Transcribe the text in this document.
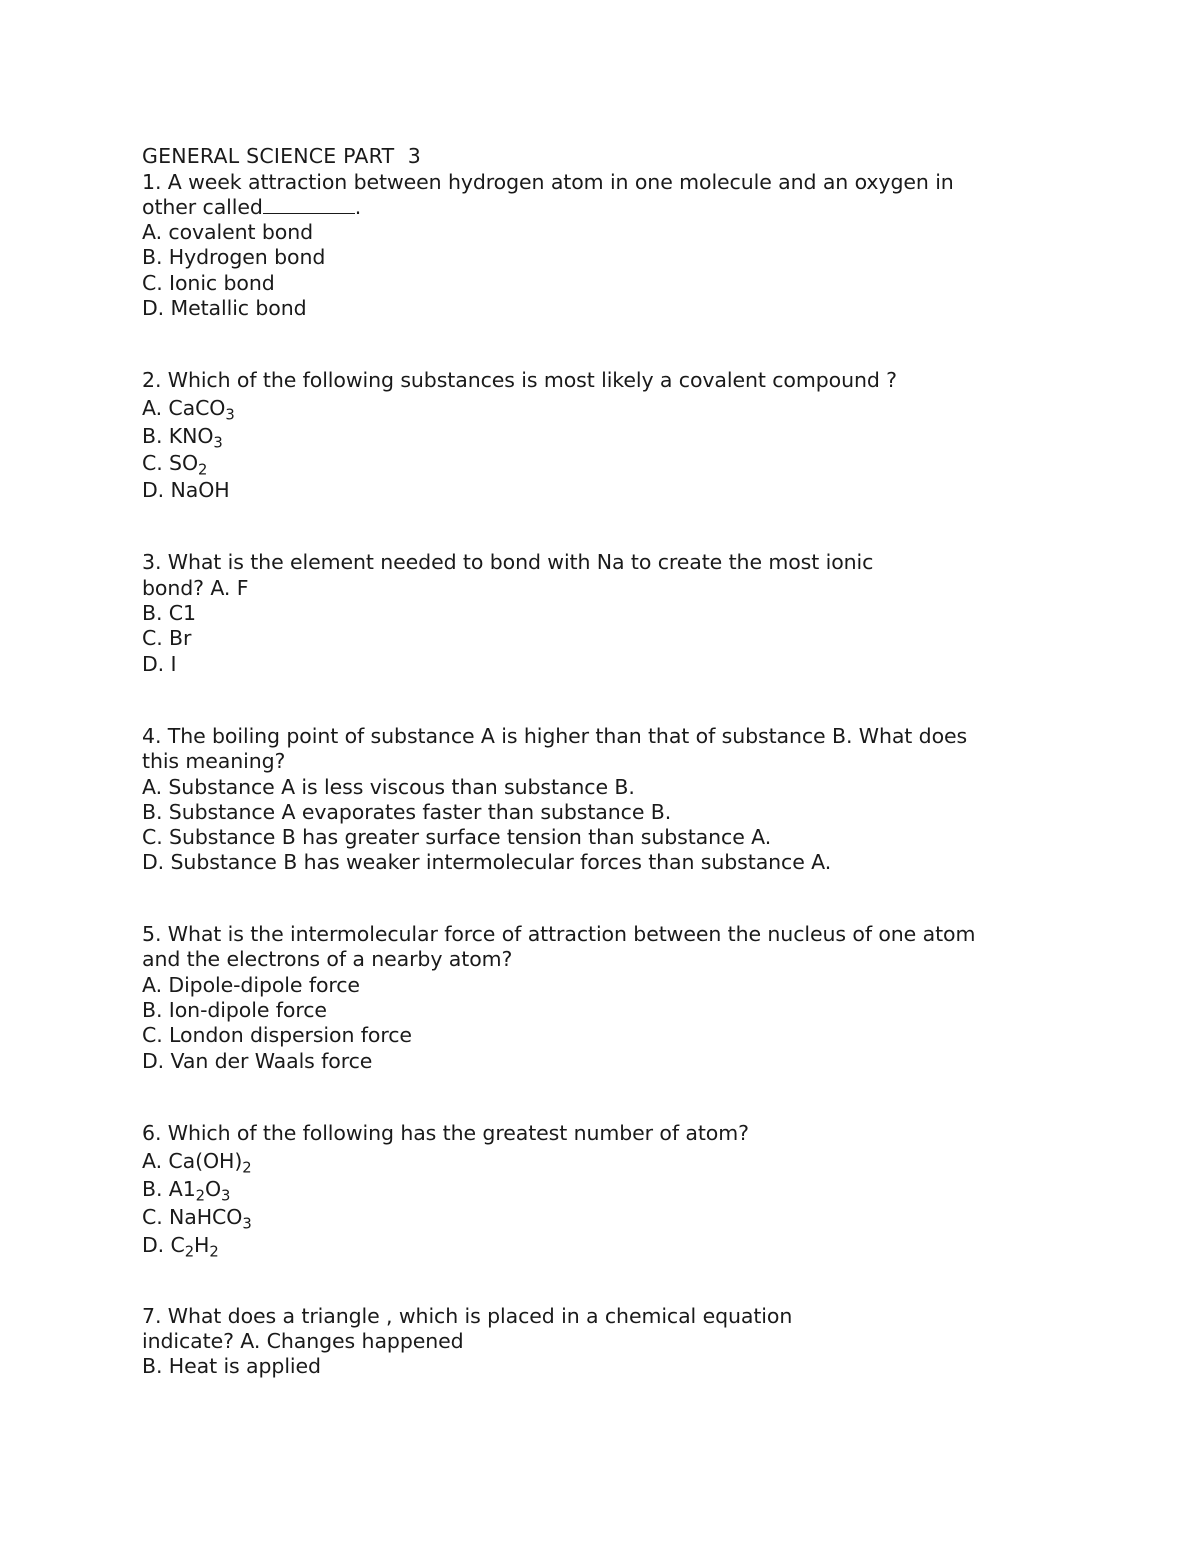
GENERAL SCIENCE PART  3
1. A week attraction between hydrogen atom in one molecule and an oxygen in
other called	.
A. covalent bond
B. Hydrogen bond
C. Ionic bond
D. Metallic bond
2. Which of the following substances is most likely a covalent compound ?
A. CaCO$_3$
B. $KNO_3$
C. $SO_2$
D. NaOH
3. What is the element needed to bond with Na to create the most ionic
bond? A. F
B. C1
C. Br
D. I
4. The boiling point of substance A is higher than that of substance B. What does
this meaning?
A. Substance A is less viscous than substance B.
B. Substance A evaporates faster than substance B.
C. Substance B has greater surface tension than substance A.
D. Substance B has weaker intermolecular forces than substance A.
5. What is the intermolecular force of attraction between the nucleus of one atom
and the electrons of a nearby atom?
A. Dipole-dipole force
B. Ion-dipole force
C. London dispersion force
D. Van der Waals force
6. Which of the following has the greatest number of atom?
A. $Ca(OH)_2$
B. $A1_2O_3$
C. NaHCO$_3$
D. $C_2H_2$
7. What does a triangle , which is placed in a chemical equation
indicate? A. Changes happened
B. Heat is applied
